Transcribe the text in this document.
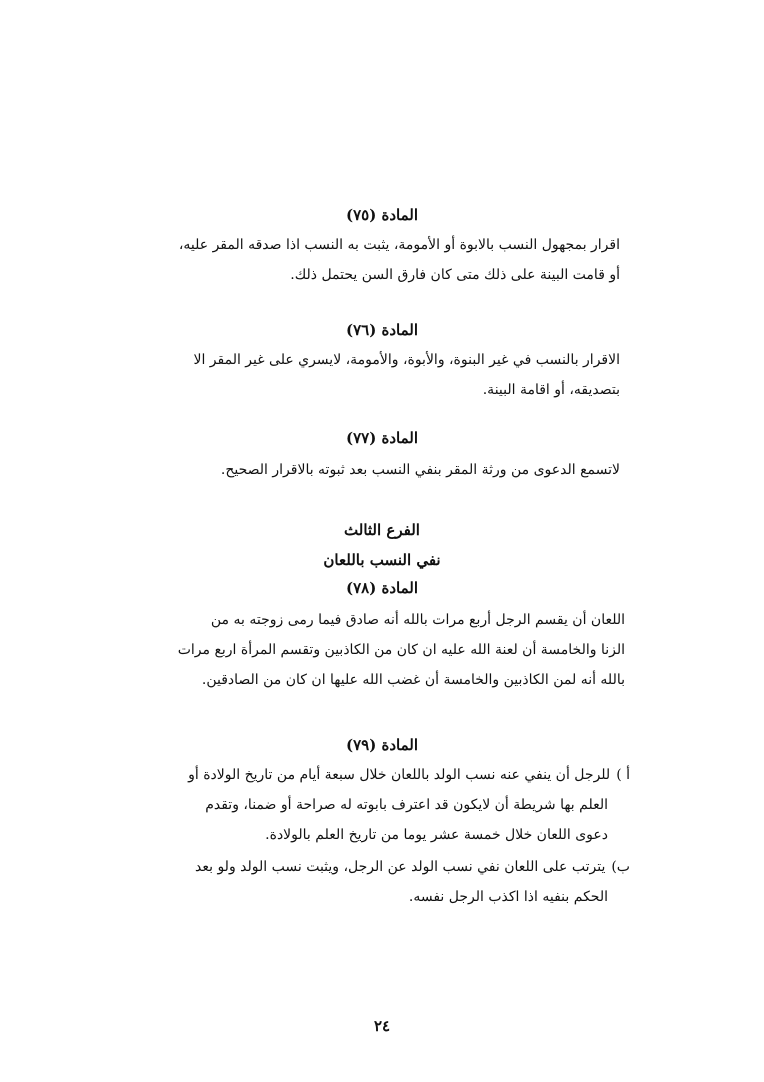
المادة (٧٥)
اقرار بمجهول النسب بالابوة أو الأمومة، يثبت به النسب اذا صدقه المقر عليه،
أو قامت البينة على ذلك متى كان فارق السن يحتمل ذلك.
المادة (٧٦)
الاقرار بالنسب في غير البنوة، والأبوة، والأمومة، لايسري على غير المقر الا
بتصديقه، أو اقامة البينة.
المادة (٧٧)
لاتسمع الدعوى من ورثة المقر بنفي النسب بعد ثبوته بالاقرار الصحيح.
الفرع الثالث
نفي النسب باللعان
المادة (٧٨)
اللعان أن يقسم الرجل أربع مرات بالله أنه صادق فيما رمى زوجته به من
الزنا والخامسة أن لعنة الله عليه ان كان من الكاذبين وتقسم المرأة اربع مرات
بالله أنه لمن الكاذبين والخامسة أن غضب الله عليها ان كان من الصادقين.
المادة (٧٩)
أ )للرجل أن ينفي عنه نسب الولد باللعان خلال سبعة أيام من تاريخ الولادة أو
العلم بها شريطة أن لايكون قد اعترف بابوته له صراحة أو ضمنا، وتقدم
دعوى اللعان خلال خمسة عشر يوما من تاريخ العلم بالولادة.
ب)يترتب على اللعان نفي نسب الولد عن الرجل، ويثبت نسب الولد ولو بعد
الحكم بنفيه اذا اكذب الرجل نفسه.
٢٤
